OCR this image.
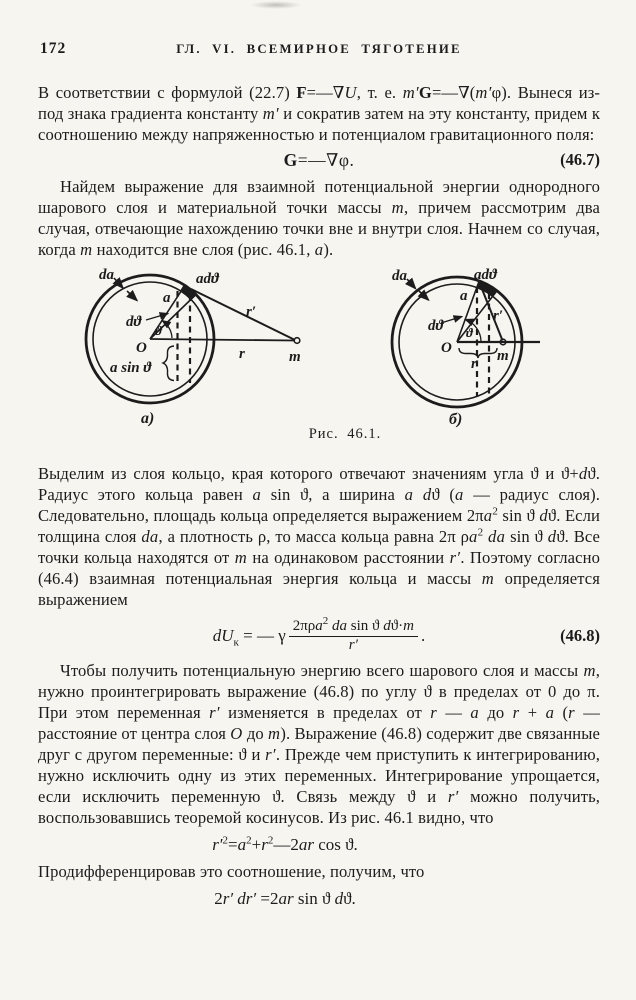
172	ГЛ. VI. ВСЕМИРНОЕ ТЯГОТЕНИЕ

В соответствии с формулой (22.7) F=—∇U, т. е. m′G=—∇(m′φ). Вынеся из-под знака градиента константу m′ и сократив затем на эту константу, придем к соотношению между напряженностью и потенциалом гравитационного поля:

G=—∇φ.	(46.7)

Найдем выражение для взаимной потенциальной энергии однородного шарового слоя и материальной точки массы m, причем рассмотрим два случая, отвечающие нахождению точки вне и внутри слоя. Начнем со случая, когда m находится вне слоя (рис. 46.1, а).

da	adϑ
a
dϑ
ϑ
O
a sin ϑ
r′
r	m
а)
da	adϑ
a
dϑ ϑ
O
r′
r m
б)
Рис. 46.1.

Выделим из слоя кольцо, края которого отвечают значениям угла ϑ и ϑ+dϑ. Радиус этого кольца равен a sin ϑ, а ширина a dϑ (a — радиус слоя). Следовательно, площадь кольца определяется выражением $2\pi a^2$ sin ϑ dϑ. Если толщина слоя da, а плотность ρ, то масса кольца равна 2π $\rho a^2$ da sin ϑ dϑ. Все точки кольца находятся от m на одинаковом расстоянии r′. Поэтому согласно (46.4) взаимная потенциальная энергия кольца и массы m определяется выражением

$dU_к$ = — γ $\frac{2\pi\rho a^2 da \sin ϑ dϑ\cdot m}{r'}$ .	(46.8)

Чтобы получить потенциальную энергию всего шарового слоя и массы m, нужно проинтегрировать выражение (46.8) по углу ϑ в пределах от 0 до π. При этом переменная r′ изменяется в пределах от r — a до r + a (r — расстояние от центра слоя O до m). Выражение (46.8) содержит две связанные друг с другом переменные: ϑ и r′. Прежде чем приступить к интегрированию, нужно исключить одну из этих переменных. Интегрирование упрощается, если исключить переменную ϑ. Связь между ϑ и r′ можно получить, воспользовавшись теоремой косинусов. Из рис. 46.1 видно, что

$r'^2=a^2+r^2—2ar$ cos ϑ.

Продифференцировав это соотношение, получим, что

2r′ dr′ =2ar sin ϑ dϑ.
